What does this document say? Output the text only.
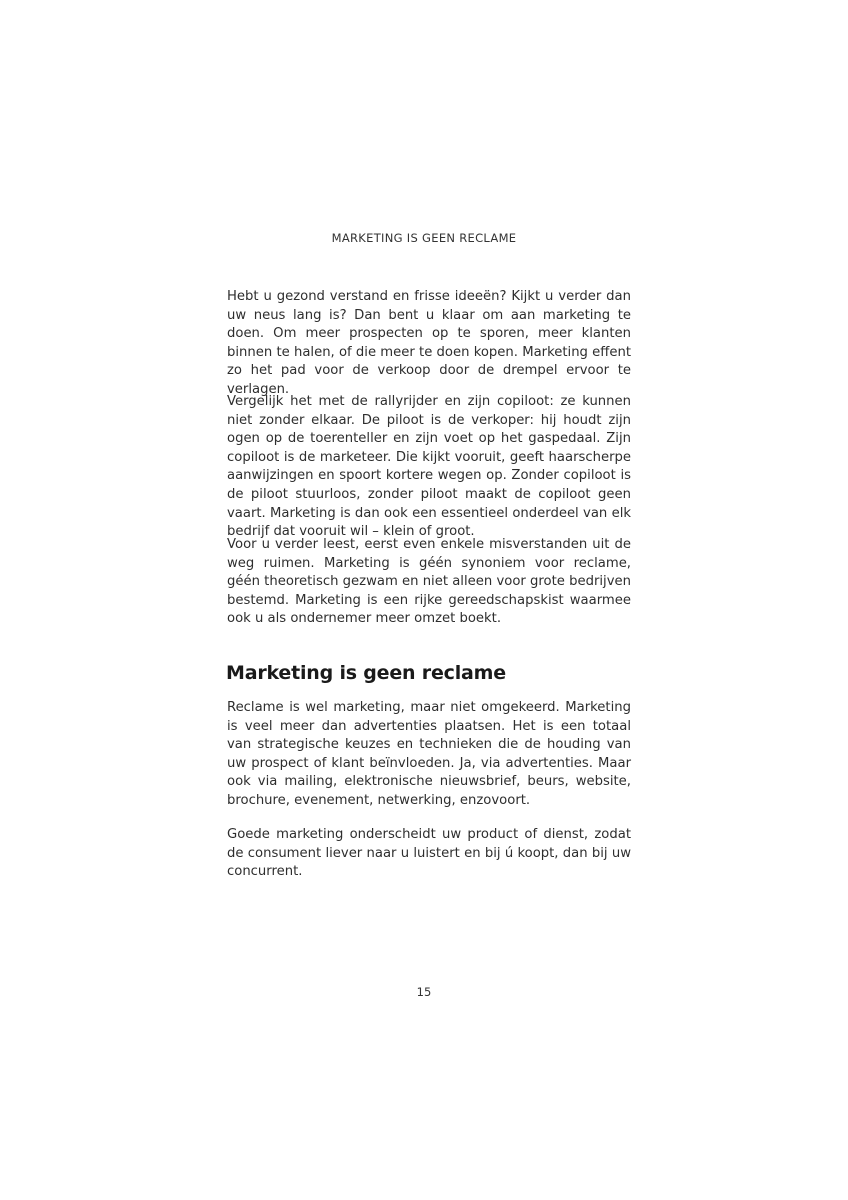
MARKETING IS GEEN RECLAME

Hebt u gezond verstand en frisse ideeën? Kijkt u verder dan uw neus lang is? Dan bent u klaar om aan marketing te doen. Om meer prospecten op te sporen, meer klanten binnen te halen, of die meer te doen kopen. Marketing effent zo het pad voor de verkoop door de drempel ervoor te verlagen.

Vergelijk het met de rallyrijder en zijn copiloot: ze kunnen niet zonder elkaar. De piloot is de verkoper: hij houdt zijn ogen op de toerenteller en zijn voet op het gaspedaal. Zijn copiloot is de marketeer. Die kijkt vooruit, geeft haarscherpe aanwijzingen en spoort kortere wegen op. Zonder copiloot is de piloot stuurloos, zonder piloot maakt de copiloot geen vaart. Marketing is dan ook een essentieel onderdeel van elk bedrijf dat vooruit wil – klein of groot.

Voor u verder leest, eerst even enkele misverstanden uit de weg ruimen. Marketing is géén synoniem voor reclame, géén theoretisch gezwam en niet alleen voor grote bedrijven bestemd. Marketing is een rijke gereedschapskist waarmee ook u als ondernemer meer omzet boekt.

Marketing is geen reclame

Reclame is wel marketing, maar niet omgekeerd. Marketing is veel meer dan advertenties plaatsen. Het is een totaal van strategische keuzes en technieken die de houding van uw prospect of klant beïnvloeden. Ja, via advertenties. Maar ook via mailing, elektronische nieuwsbrief, beurs, website, brochure, evenement, netwerking, enzovoort.

Goede marketing onderscheidt uw product of dienst, zodat de consument liever naar u luistert en bij ú koopt, dan bij uw concurrent.

15
